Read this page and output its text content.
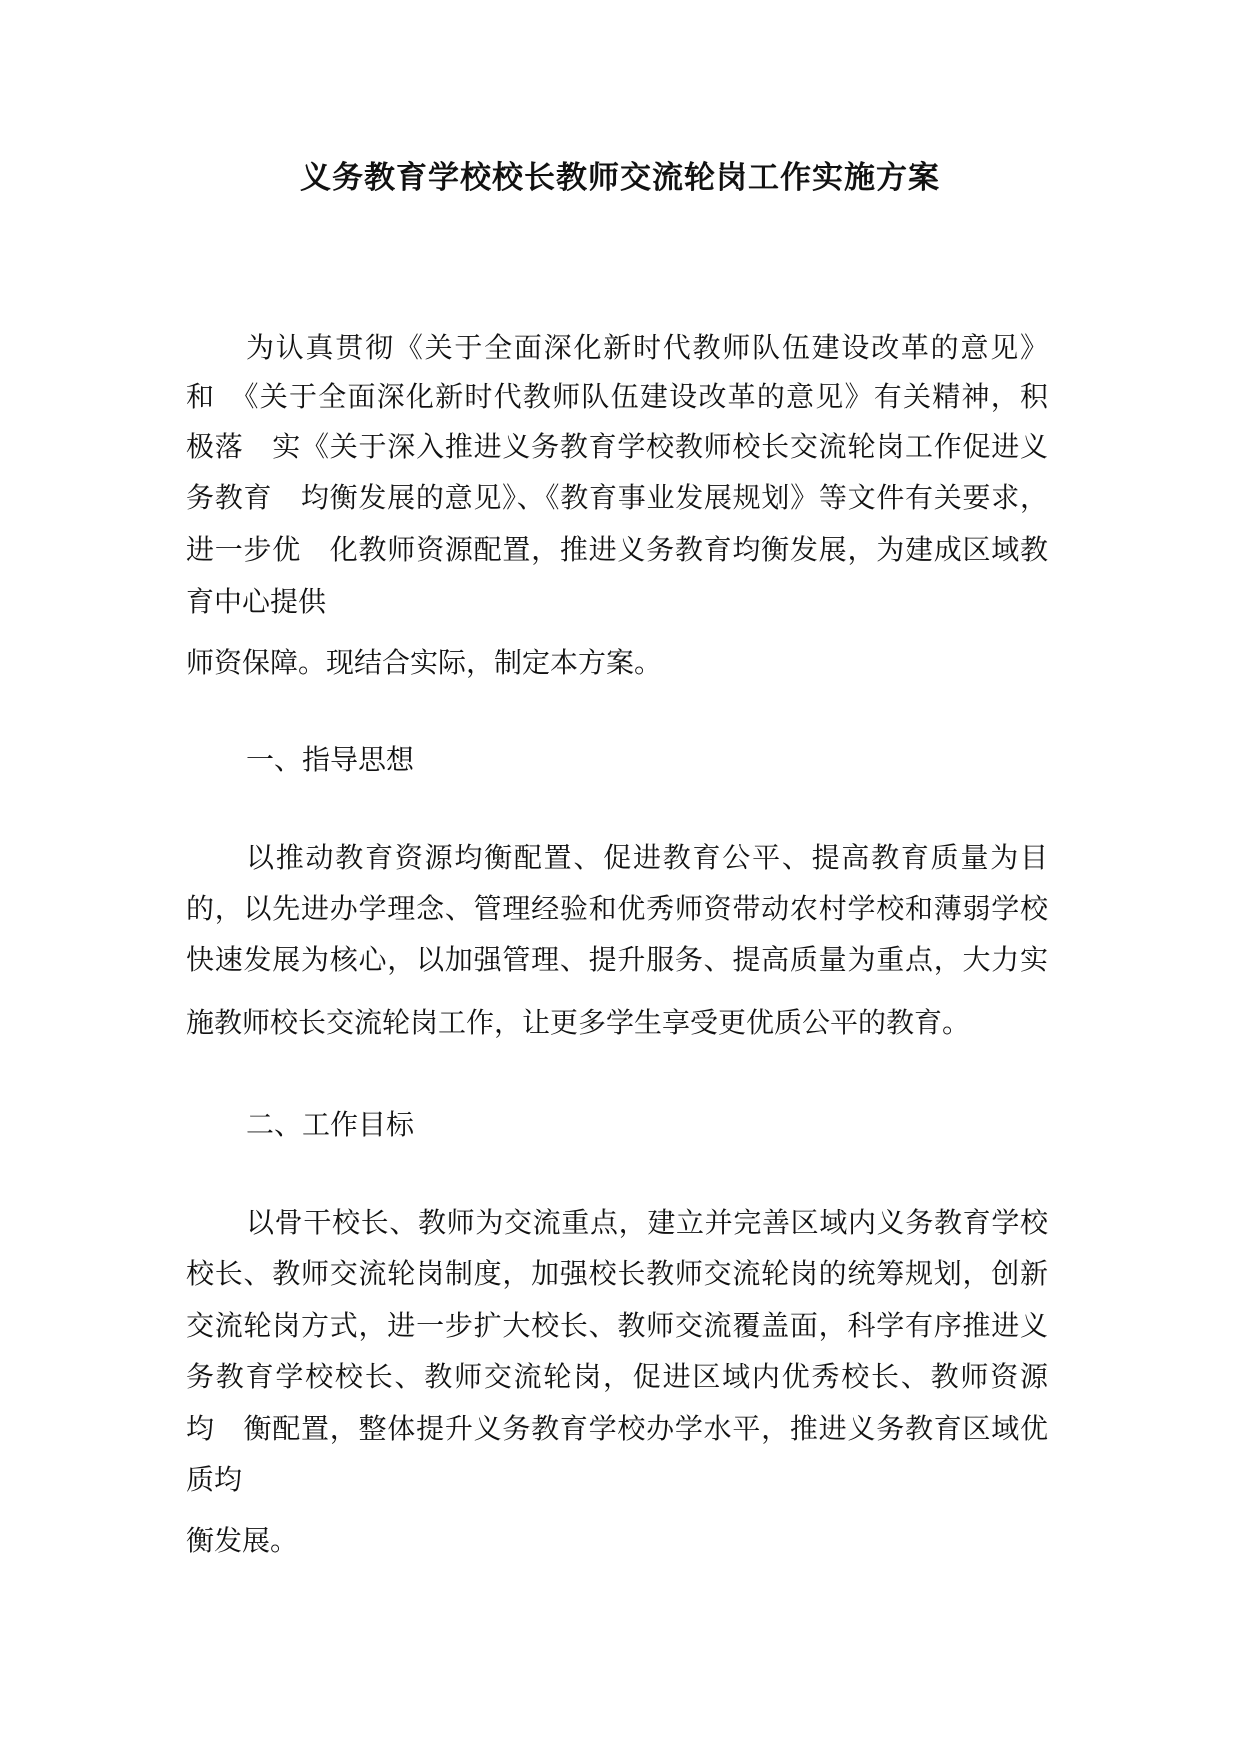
义务教育学校校长教师交流轮岗工作实施方案
为认真贯彻《关于全面深化新时代教师队伍建设改革的意见》
和　《关于全面深化新时代教师队伍建设改革的意见》有关精神，积
极落　实《关于深入推进义务教育学校教师校长交流轮岗工作促进义
务教育　均衡发展的意见》、《教育事业发展规划》等文件有关要求，
进一步优　化教师资源配置，推进义务教育均衡发展，为建成区域教
育中心提供
师资保障。现结合实际，制定本方案。
一、指导思想
以推动教育资源均衡配置、促进教育公平、提高教育质量为目
的，以先进办学理念、管理经验和优秀师资带动农村学校和薄弱学校
快速发展为核心，以加强管理、提升服务、提高质量为重点，大力实
施教师校长交流轮岗工作，让更多学生享受更优质公平的教育。
二、工作目标
以骨干校长、教师为交流重点，建立并完善区域内义务教育学校
校长、教师交流轮岗制度，加强校长教师交流轮岗的统筹规划，创新
交流轮岗方式，进一步扩大校长、教师交流覆盖面，科学有序推进义
务教育学校校长、教师交流轮岗，促进区域内优秀校长、教师资源
均　衡配置，整体提升义务教育学校办学水平，推进义务教育区域优
质均
衡发展。
